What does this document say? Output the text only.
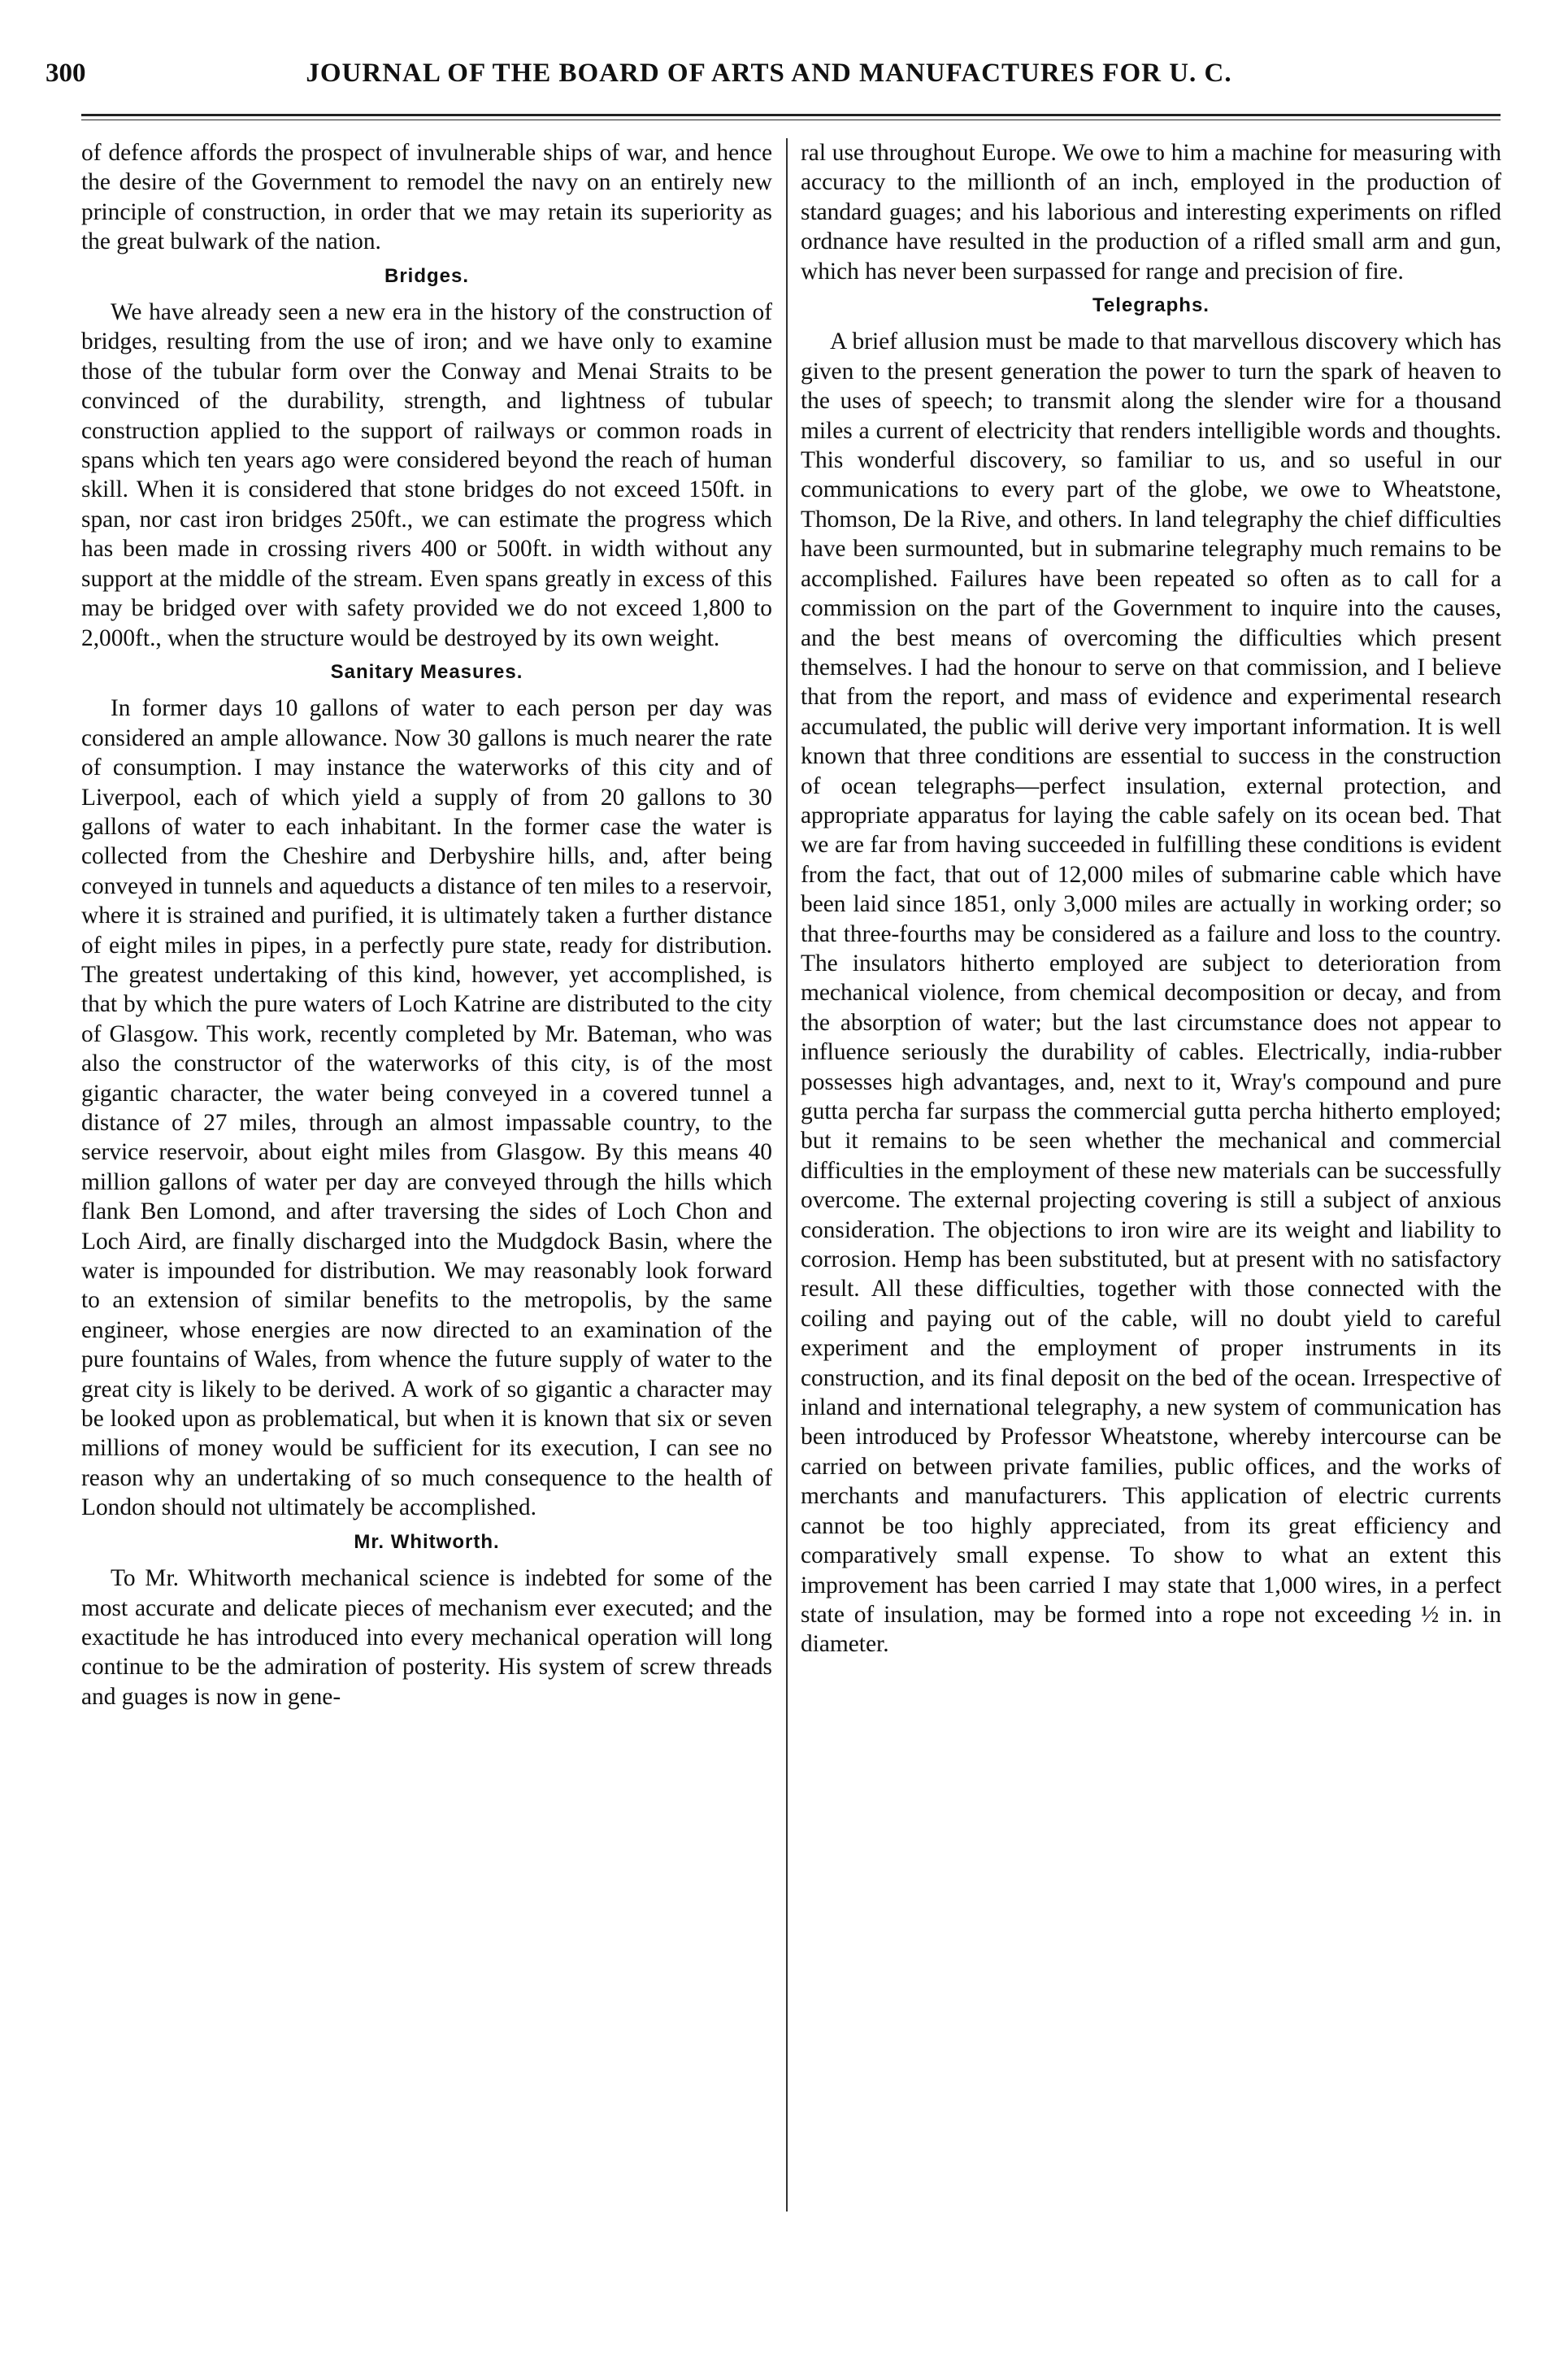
300	JOURNAL OF THE BOARD OF ARTS AND MANUFACTURES FOR U. C.

of defence affords the prospect of invulnerable ships of war, and hence the desire of the Government to remodel the navy on an entirely new principle of construction, in order that we may retain its superiority as the great bulwark of the nation.

Bridges.

We have already seen a new era in the history of the construction of bridges, resulting from the use of iron; and we have only to examine those of the tubular form over the Conway and Menai Straits to be convinced of the durability, strength, and lightness of tubular construction applied to the support of railways or common roads in spans which ten years ago were considered beyond the reach of human skill. When it is considered that stone bridges do not exceed 150ft. in span, nor cast iron bridges 250ft., we can estimate the progress which has been made in crossing rivers 400 or 500ft. in width without any support at the middle of the stream. Even spans greatly in excess of this may be bridged over with safety provided we do not exceed 1,800 to 2,000ft., when the structure would be destroyed by its own weight.

Sanitary Measures.

In former days 10 gallons of water to each person per day was considered an ample allowance. Now 30 gallons is much nearer the rate of consumption. I may instance the waterworks of this city and of Liverpool, each of which yield a supply of from 20 gallons to 30 gallons of water to each inhabitant. In the former case the water is collected from the Cheshire and Derbyshire hills, and, after being conveyed in tunnels and aqueducts a distance of ten miles to a reservoir, where it is strained and purified, it is ultimately taken a further distance of eight miles in pipes, in a perfectly pure state, ready for distribution. The greatest undertaking of this kind, however, yet accomplished, is that by which the pure waters of Loch Katrine are distributed to the city of Glasgow. This work, recently completed by Mr. Bateman, who was also the constructor of the waterworks of this city, is of the most gigantic character, the water being conveyed in a covered tunnel a distance of 27 miles, through an almost impassable country, to the service reservoir, about eight miles from Glasgow. By this means 40 million gallons of water per day are conveyed through the hills which flank Ben Lomond, and after traversing the sides of Loch Chon and Loch Aird, are finally discharged into the Mudgdock Basin, where the water is impounded for distribution. We may reasonably look forward to an extension of similar benefits to the metropolis, by the same engineer, whose energies are now directed to an examination of the pure fountains of Wales, from whence the future supply of water to the great city is likely to be derived. A work of so gigantic a character may be looked upon as problematical, but when it is known that six or seven millions of money would be sufficient for its execution, I can see no reason why an undertaking of so much consequence to the health of London should not ultimately be accomplished.

Mr. Whitworth.

To Mr. Whitworth mechanical science is indebted for some of the most accurate and delicate pieces of mechanism ever executed; and the exactitude he has introduced into every mechanical operation will long continue to be the admiration of posterity. His system of screw threads and guages is now in gene-

ral use throughout Europe. We owe to him a machine for measuring with accuracy to the millionth of an inch, employed in the production of standard guages; and his laborious and interesting experiments on rifled ordnance have resulted in the production of a rifled small arm and gun, which has never been surpassed for range and precision of fire.

Telegraphs.

A brief allusion must be made to that marvellous discovery which has given to the present generation the power to turn the spark of heaven to the uses of speech; to transmit along the slender wire for a thousand miles a current of electricity that renders intelligible words and thoughts. This wonderful discovery, so familiar to us, and so useful in our communications to every part of the globe, we owe to Wheatstone, Thomson, De la Rive, and others. In land telegraphy the chief difficulties have been surmounted, but in submarine telegraphy much remains to be accomplished. Failures have been repeated so often as to call for a commission on the part of the Government to inquire into the causes, and the best means of overcoming the difficulties which present themselves. I had the honour to serve on that commission, and I believe that from the report, and mass of evidence and experimental research accumulated, the public will derive very important information. It is well known that three conditions are essential to success in the construction of ocean telegraphs—perfect insulation, external protection, and appropriate apparatus for laying the cable safely on its ocean bed. That we are far from having succeeded in fulfilling these conditions is evident from the fact, that out of 12,000 miles of submarine cable which have been laid since 1851, only 3,000 miles are actually in working order; so that three-fourths may be considered as a failure and loss to the country. The insulators hitherto employed are subject to deterioration from mechanical violence, from chemical decomposition or decay, and from the absorption of water; but the last circumstance does not appear to influence seriously the durability of cables. Electrically, india-rubber possesses high advantages, and, next to it, Wray's compound and pure gutta percha far surpass the commercial gutta percha hitherto employed; but it remains to be seen whether the mechanical and commercial difficulties in the employment of these new materials can be successfully overcome. The external projecting covering is still a subject of anxious consideration. The objections to iron wire are its weight and liability to corrosion. Hemp has been substituted, but at present with no satisfactory result. All these difficulties, together with those connected with the coiling and paying out of the cable, will no doubt yield to careful experiment and the employment of proper instruments in its construction, and its final deposit on the bed of the ocean. Irrespective of inland and international telegraphy, a new system of communication has been introduced by Professor Wheatstone, whereby intercourse can be carried on between private families, public offices, and the works of merchants and manufacturers. This application of electric currents cannot be too highly appreciated, from its great efficiency and comparatively small expense. To show to what an extent this improvement has been carried I may state that 1,000 wires, in a perfect state of insulation, may be formed into a rope not exceeding ½ in. in diameter.
